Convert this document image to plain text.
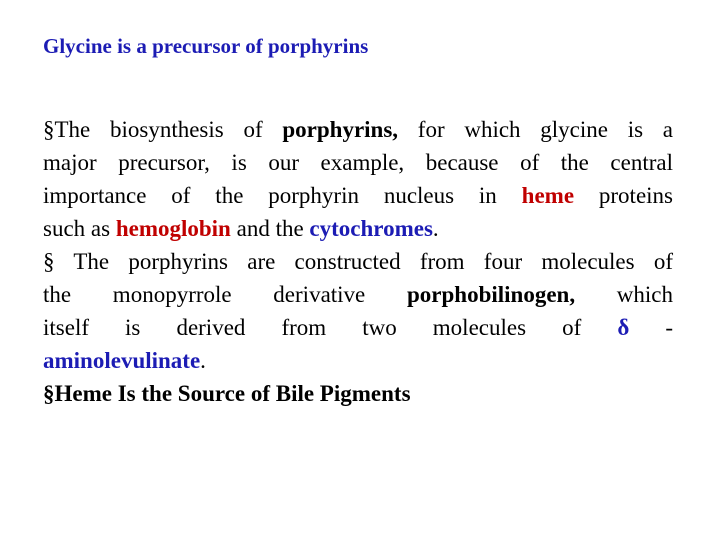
Glycine is a precursor of porphyrins
§The biosynthesis of porphyrins, for which glycine is a
major precursor, is our example, because of the central
importance of the porphyrin nucleus in heme proteins
such as hemoglobin and the cytochromes.
§ The porphyrins are constructed from four molecules of
the monopyrrole derivative porphobilinogen, which
itself is derived from two molecules of δ -
aminolevulinate.
§Heme Is the Source of Bile Pigments
